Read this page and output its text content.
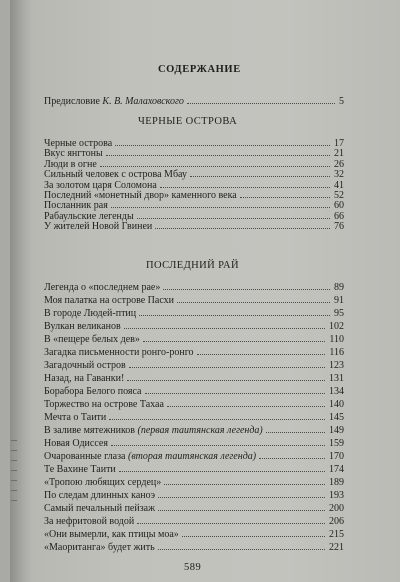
СОДЕРЖАНИЕ
Предисловие К. В. Малаховского	5
ЧЕРНЫЕ ОСТРОВА
Черные острова	17
Вкус янгтоны	21
Люди в огне	26
Сильный человек с острова Мбау	32
За золотом царя Соломона	41
Последний «монетный двор» каменного века	52
Посланник рая	60
Рабаульские легенды	66
У жителей Новой Гвинеи	76
ПОСЛЕДНИЙ РАЙ
Легенда о «последнем рае»	89
Моя палатка на острове Пасхи	91
В городе Людей-птиц	95
Вулкан великанов	102
В «пещере белых дев»	110
Загадка письменности ронго-ронго	116
Загадочный остров	123
Назад, на Гаванки!	131
Борабора Белого пояса	134
Торжество на острове Тахаа	140
Мечта о Таити	145
В заливе мятежников (первая таитянская легенда)	149
Новая Одиссея	159
Очарованные глаза (вторая таитянская легенда)	170
Те Вахине Таити	174
«Тропою любящих сердец»	189
По следам длинных каноэ	193
Самый печальный пейзаж	200
За нефритовой водой	206
«Они вымерли, как птицы моа»	215
«Маоританга» будет жить	221
589
